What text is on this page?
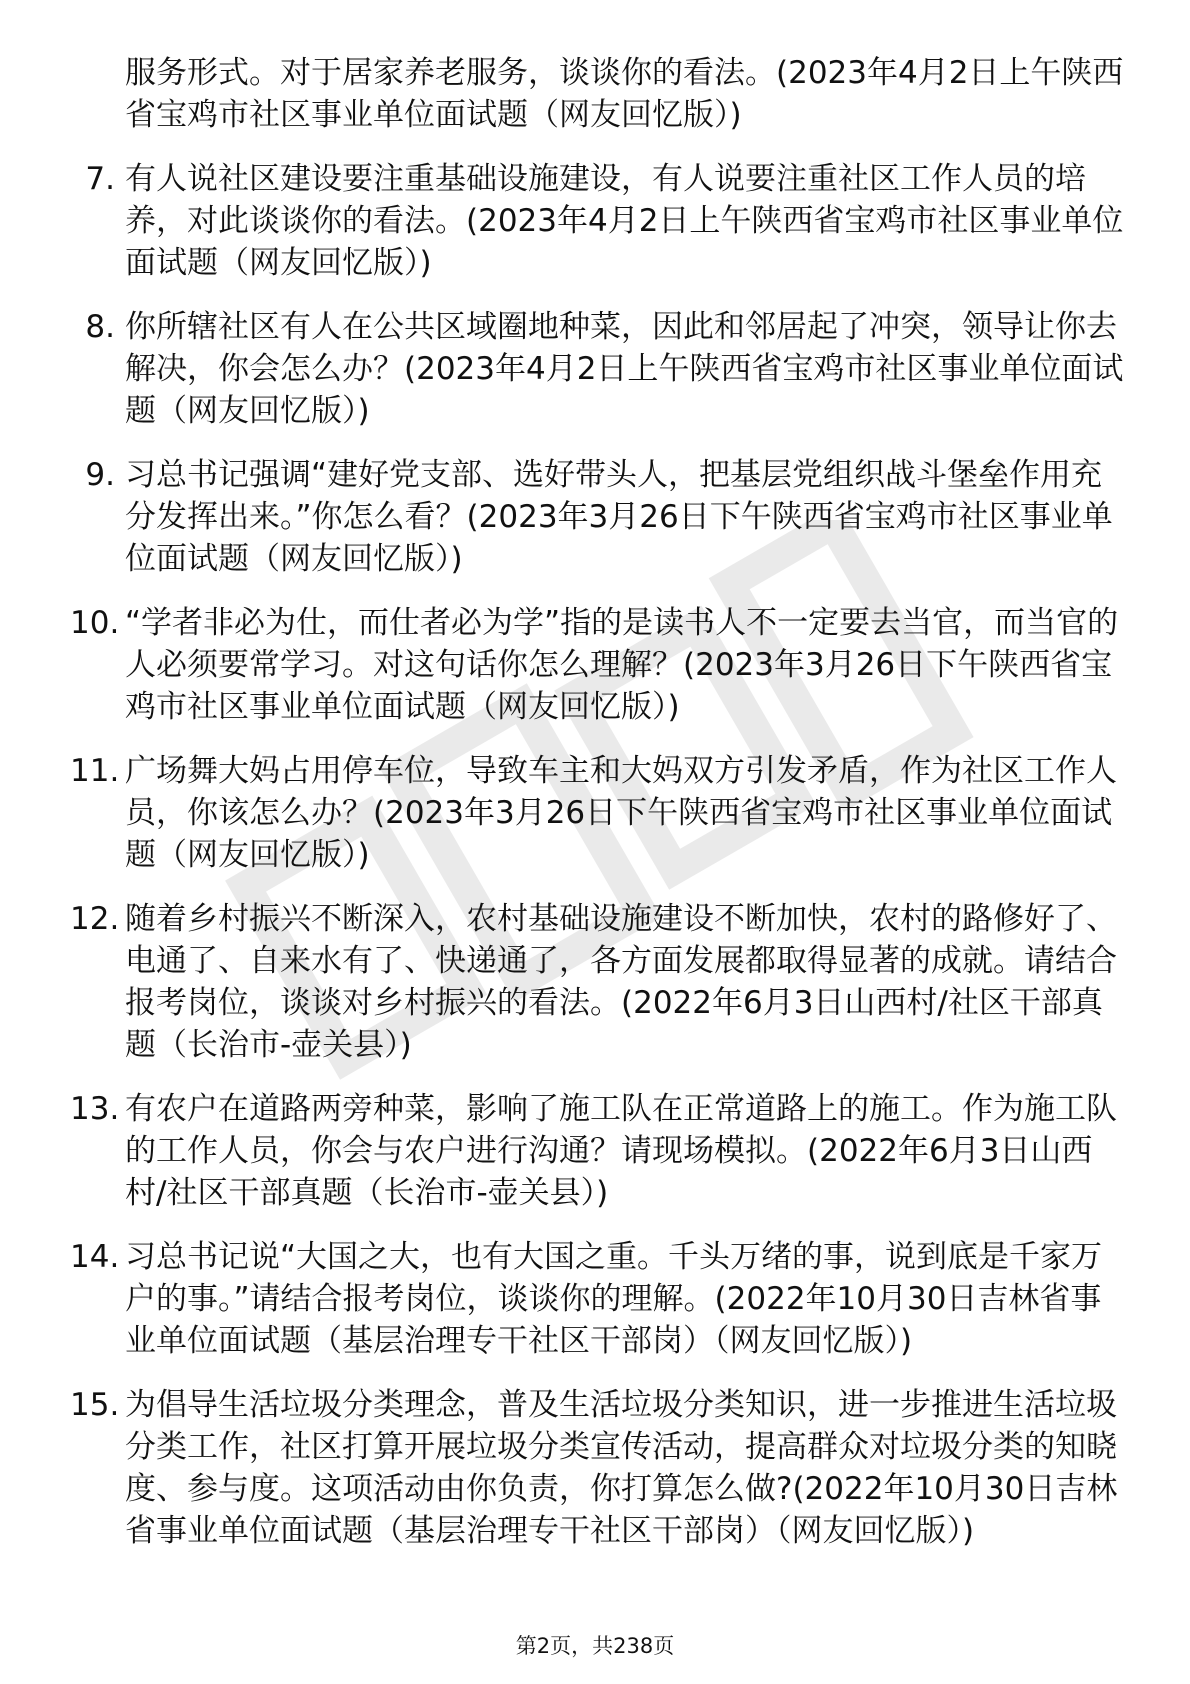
服务形式。对于居家养老服务，谈谈你的看法。(2023年4月2日上午陕西省宝鸡市社区事业单位面试题（网友回忆版）)
7. 有人说社区建设要注重基础设施建设，有人说要注重社区工作人员的培养，对此谈谈你的看法。(2023年4月2日上午陕西省宝鸡市社区事业单位面试题（网友回忆版）)
8. 你所辖社区有人在公共区域圈地种菜，因此和邻居起了冲突，领导让你去解决，你会怎么办？(2023年4月2日上午陕西省宝鸡市社区事业单位面试题（网友回忆版）)
9. 习总书记强调“建好党支部、选好带头人，把基层党组织战斗堡垒作用充分发挥出来。”你怎么看？(2023年3月26日下午陕西省宝鸡市社区事业单位面试题（网友回忆版）)
10. “学者非必为仕，而仕者必为学”指的是读书人不一定要去当官，而当官的人必须要常学习。对这句话你怎么理解？(2023年3月26日下午陕西省宝鸡市社区事业单位面试题（网友回忆版）)
11. 广场舞大妈占用停车位，导致车主和大妈双方引发矛盾，作为社区工作人员，你该怎么办？(2023年3月26日下午陕西省宝鸡市社区事业单位面试题（网友回忆版）)
12. 随着乡村振兴不断深入，农村基础设施建设不断加快，农村的路修好了、电通了、自来水有了、快递通了，各方面发展都取得显著的成就。请结合报考岗位，谈谈对乡村振兴的看法。(2022年6月3日山西村/社区干部真题（长治市-壶关县）)
13. 有农户在道路两旁种菜，影响了施工队在正常道路上的施工。作为施工队的工作人员，你会与农户进行沟通？请现场模拟。(2022年6月3日山西村/社区干部真题（长治市-壶关县）)
14. 习总书记说“大国之大，也有大国之重。千头万绪的事，说到底是千家万户的事。”请结合报考岗位，谈谈你的理解。(2022年10月30日吉林省事业单位面试题（基层治理专干社区干部岗）（网友回忆版）)
15. 为倡导生活垃圾分类理念，普及生活垃圾分类知识，进一步推进生活垃圾分类工作，社区打算开展垃圾分类宣传活动，提高群众对垃圾分类的知晓度、参与度。这项活动由你负责，你打算怎么做?(2022年10月30日吉林省事业单位面试题（基层治理专干社区干部岗）（网友回忆版）)
第2页，共238页
